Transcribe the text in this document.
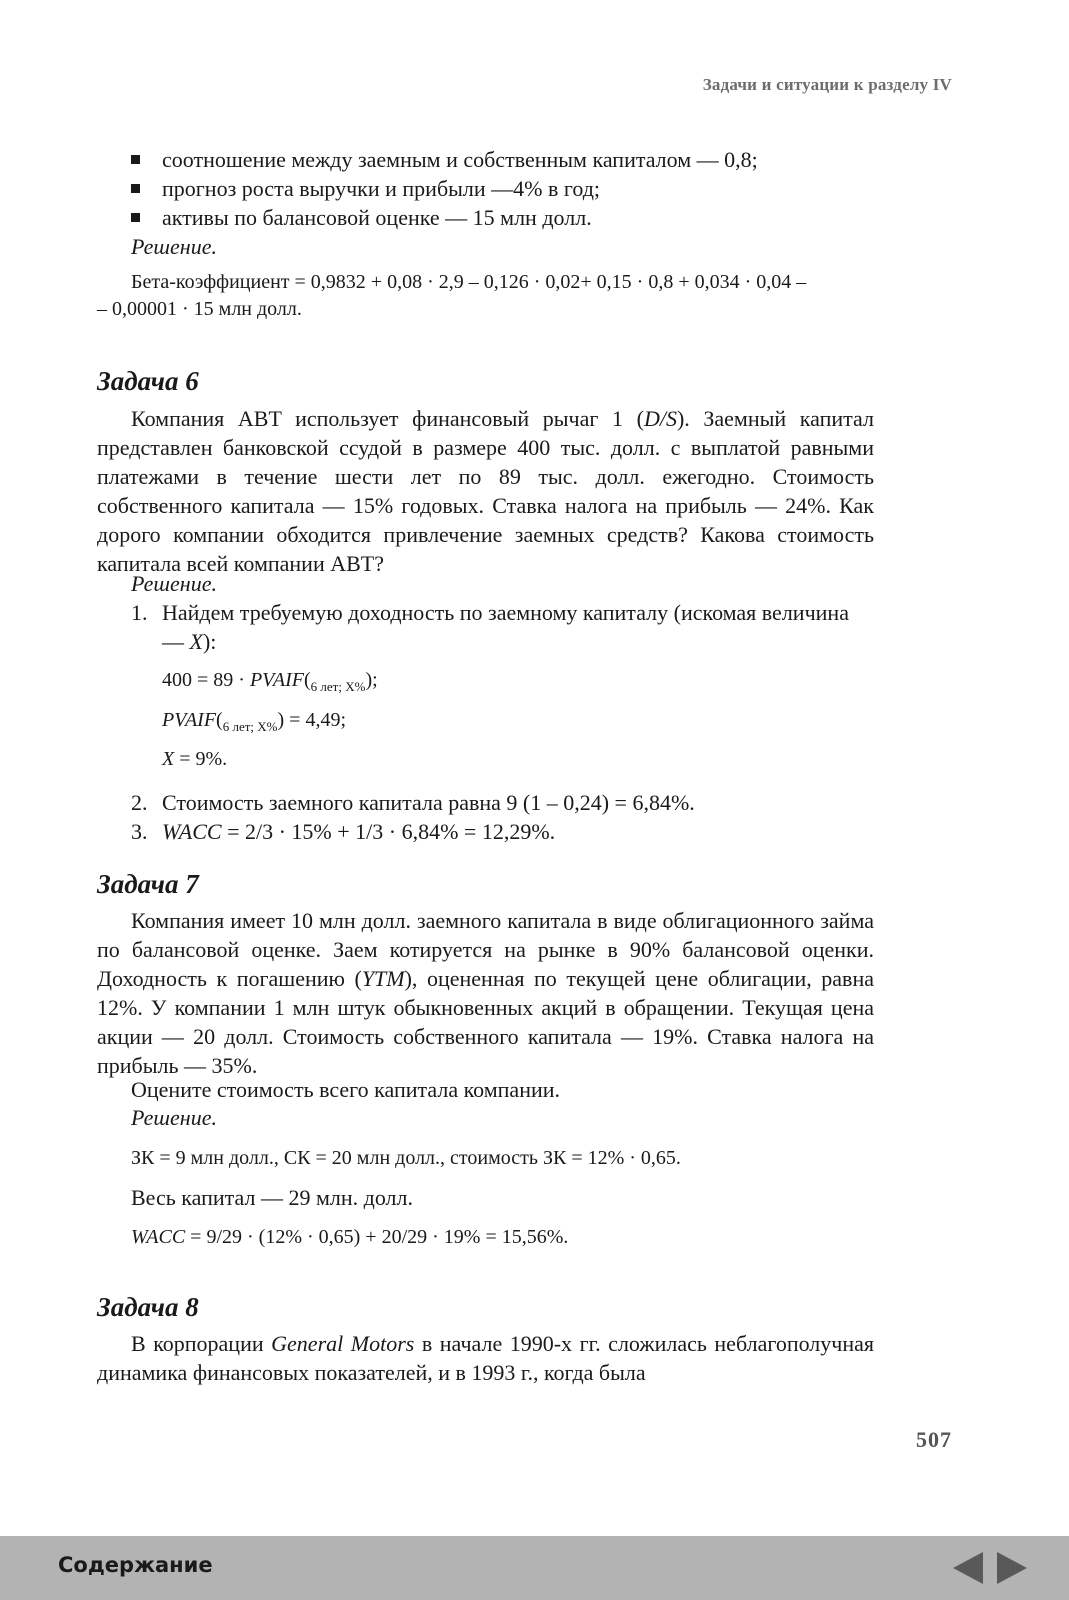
Задачи и ситуации к разделу IV
соотношение между заемным и собственным капиталом — 0,8;
прогноз роста выручки и прибыли —4% в год;
активы по балансовой оценке — 15 млн долл.
Решение.
Бета-коэффициент = 0,9832 + 0,08 · 2,9 – 0,126 · 0,02+ 0,15 · 0,8 + 0,034 · 0,04 –
– 0,00001 · 15 млн долл.
Задача 6
Компания ABT использует финансовый рычаг 1 (D/S). Заемный капитал представлен банковской ссудой в размере 400 тыс. долл. с выплатой равными платежами в течение шести лет по 89 тыс. долл. ежегодно. Стоимость собственного капитала — 15% годовых. Ставка налога на прибыль — 24%. Как дорого компании обходится привлечение заемных средств? Какова стоимость капитала всей компании ABT?
Решение.
1. Найдем требуемую доходность по заемному капиталу (искомая величина — X):
$400 = 89 \cdot PVAIF(_{6 лет; X\%})$;
$PVAIF(_{6 лет; X\%}) = 4,49$;
X = 9%.
2. Стоимость заемного капитала равна 9 (1 – 0,24) = 6,84%.
3. WACC = 2/3 · 15% + 1/3 · 6,84% = 12,29%.
Задача 7
Компания имеет 10 млн долл. заемного капитала в виде облигационного займа по балансовой оценке. Заем котируется на рынке в 90% балансовой оценки. Доходность к погашению (YTM), оцененная по текущей цене облигации, равна 12%. У компании 1 млн штук обыкновенных акций в обращении. Текущая цена акции — 20 долл. Стоимость собственного капитала — 19%. Ставка налога на прибыль — 35%.
Оцените стоимость всего капитала компании.
Решение.
ЗК = 9 млн долл., СК = 20 млн долл., стоимость ЗК = 12% · 0,65.
Весь капитал — 29 млн. долл.
WACC = 9/29 · (12% · 0,65) + 20/29 · 19% = 15,56%.
Задача 8
В корпорации General Motors в начале 1990-х гг. сложилась неблагополучная динамика финансовых показателей, и в 1993 г., когда была
507
Содержание
